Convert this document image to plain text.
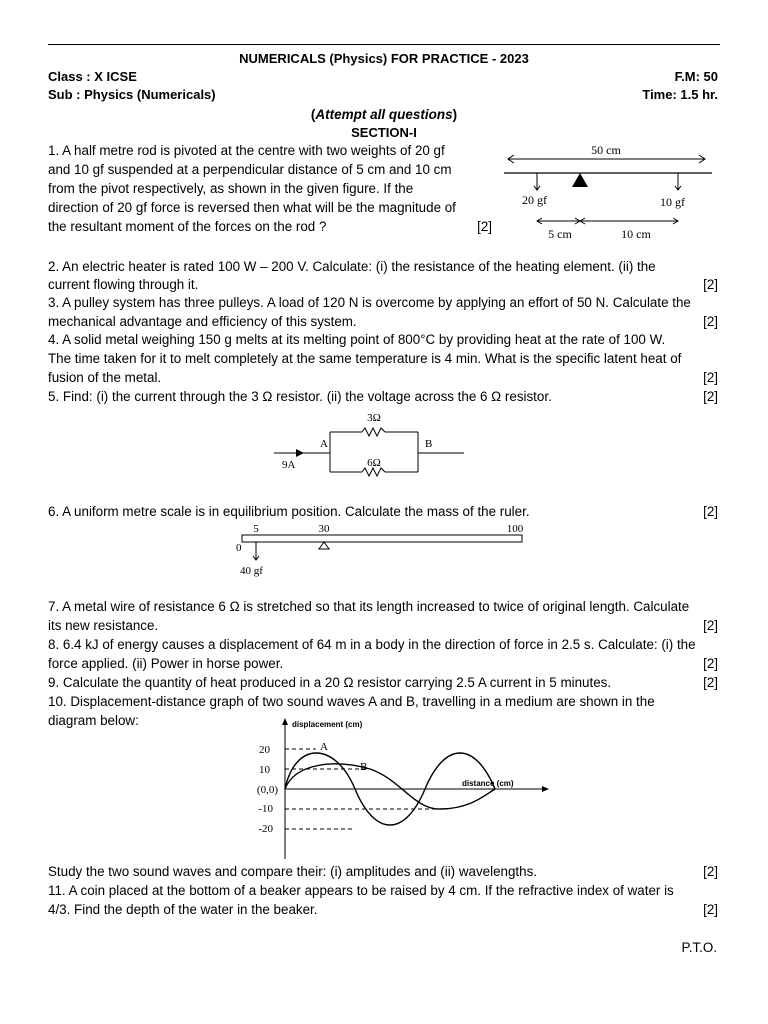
NUMERICALS (Physics) FOR PRACTICE - 2023
Class : X ICSE	F.M: 50
Sub : Physics (Numericals)	Time: 1.5 hr.
(Attempt all questions)
SECTION-I
1. A half metre rod is pivoted at the centre with two weights of 20 gf
and 10 gf suspended at a perpendicular distance of 5 cm and 10 cm
from the pivot respectively, as shown in the given figure. If the
direction of 20 gf force is reversed then what will be the magnitude of
the resultant moment of the forces on the rod ?	[2]
50 cm
20 gf	10 gf
5 cm	10 cm
2. An electric heater is rated 100 W – 200 V. Calculate: (i) the resistance of the heating element. (ii) the
current flowing through it.	[2]
3. A pulley system has three pulleys. A load of 120 N is overcome by applying an effort of 50 N. Calculate the
mechanical advantage and efficiency of this system.	[2]
4. A solid metal weighing 150 g melts at its melting point of 800°C by providing heat at the rate of 100 W.
The time taken for it to melt completely at the same temperature is 4 min. What is the specific latent heat of
fusion of the metal.	[2]
5. Find: (i) the current through the 3 Ω resistor. (ii) the voltage across the 6 Ω resistor.	[2]
3Ω
A	B
9A	6Ω
6. A uniform metre scale is in equilibrium position. Calculate the mass of the ruler.	[2]
5	30	100
0
40 gf
7. A metal wire of resistance 6 Ω is stretched so that its length increased to twice of original length. Calculate
its new resistance.	[2]
8. 6.4 kJ of energy causes a displacement of 64 m in a body in the direction of force in 2.5 s. Calculate: (i) the
force applied. (ii) Power in horse power.	[2]
9. Calculate the quantity of heat produced in a 20 Ω resistor carrying 2.5 A current in 5 minutes.	[2]
10. Displacement-distance graph of two sound waves A and B, travelling in a medium are shown in the
diagram below:	displacement (cm)
distance (cm)
20
10
(0,0)
-10
-20
A
B
Study the two sound waves and compare their: (i) amplitudes and (ii) wavelengths.	[2]
11. A coin placed at the bottom of a beaker appears to be raised by 4 cm. If the refractive index of water is
4/3. Find the depth of the water in the beaker.	[2]
P.T.O.
